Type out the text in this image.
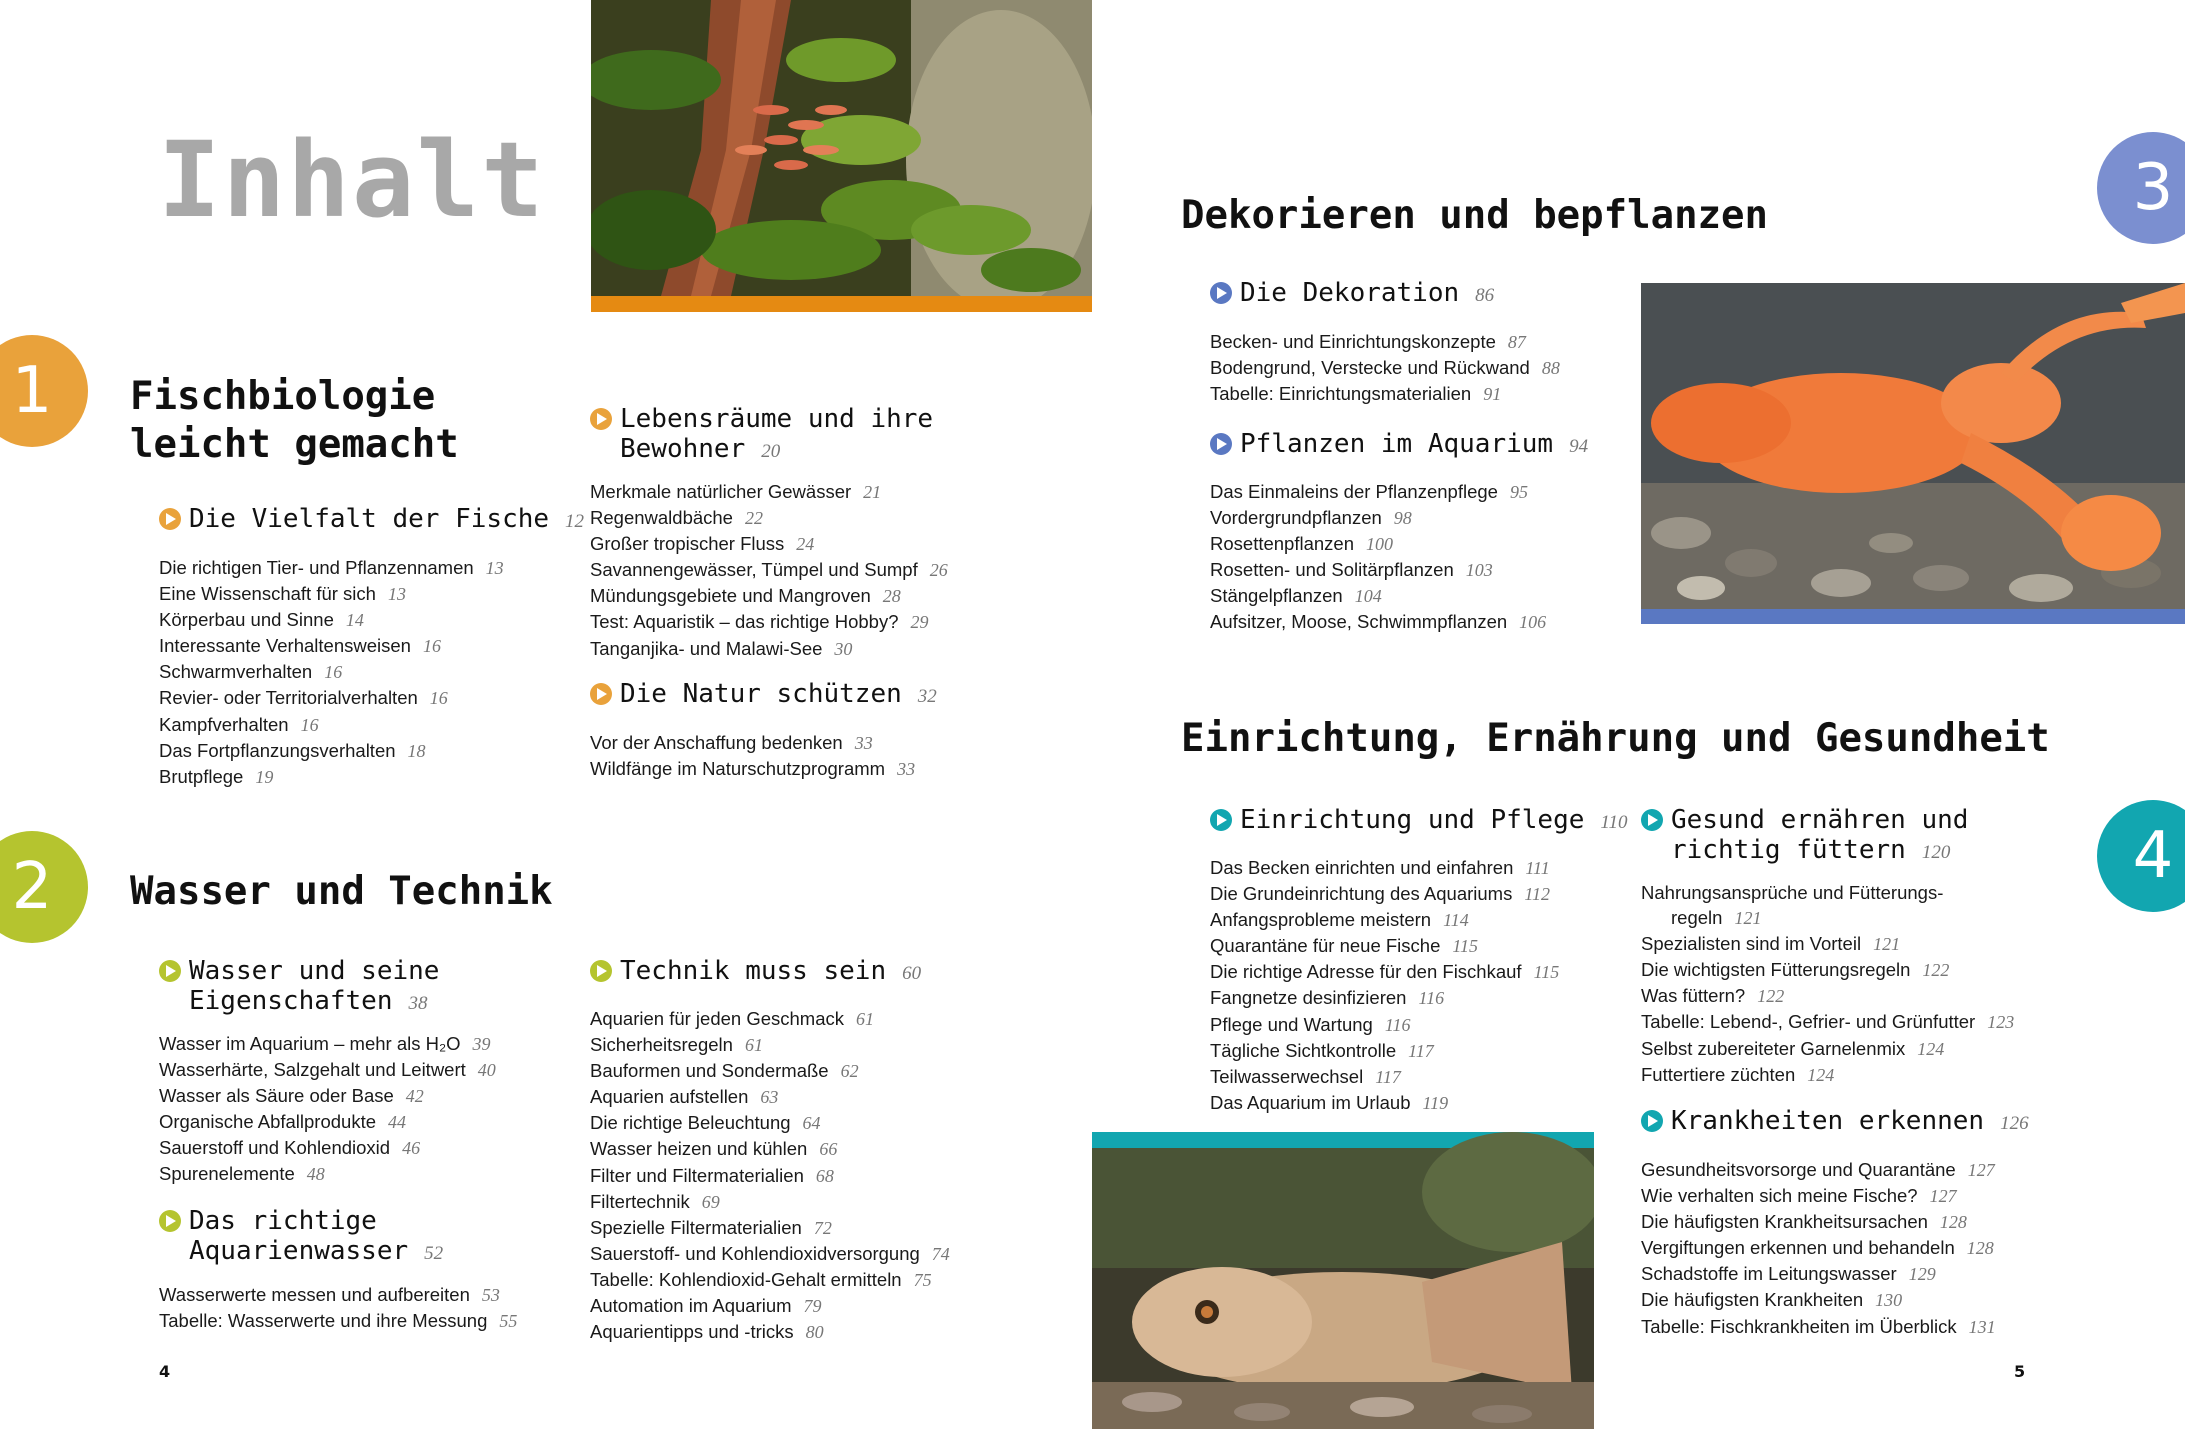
Inhalt
1
2
3
4
Fischbiologie
leicht gemacht
Wasser und Technik
Dekorieren und bepflanzen
Einrichtung, Ernährung und Gesundheit
Die Vielfalt der Fische 12
Die richtigen Tier- und Pflanzennamen 13
Eine Wissenschaft für sich 13
Körperbau und Sinne 14
Interessante Verhaltensweisen 16
Schwarmverhalten 16
Revier- oder Territorialverhalten 16
Kampfverhalten 16
Das Fortpflanzungsverhalten 18
Brutpflege 19
Lebensräume und ihre
Bewohner 20
Merkmale natürlicher Gewässer 21
Regenwaldbäche 22
Großer tropischer Fluss 24
Savannengewässer, Tümpel und Sumpf 26
Mündungsgebiete und Mangroven 28
Test: Aquaristik – das richtige Hobby? 29
Tanganjika- und Malawi-See 30
Die Natur schützen 32
Vor der Anschaffung bedenken 33
Wildfänge im Naturschutzprogramm 33
Wasser und seine
Eigenschaften 38
Wasser im Aquarium – mehr als H₂O 39
Wasserhärte, Salzgehalt und Leitwert 40
Wasser als Säure oder Base 42
Organische Abfallprodukte 44
Sauerstoff und Kohlendioxid 46
Spurenelemente 48
Das richtige
Aquarienwasser 52
Wasserwerte messen und aufbereiten 53
Tabelle: Wasserwerte und ihre Messung 55
Technik muss sein 60
Aquarien für jeden Geschmack 61
Sicherheitsregeln 61
Bauformen und Sondermaße 62
Aquarien aufstellen 63
Die richtige Beleuchtung 64
Wasser heizen und kühlen 66
Filter und Filtermaterialien 68
Filtertechnik 69
Spezielle Filtermaterialien 72
Sauerstoff- und Kohlendioxidversorgung 74
Tabelle: Kohlendioxid-Gehalt ermitteln 75
Automation im Aquarium 79
Aquarientipps und -tricks 80
Die Dekoration 86
Becken- und Einrichtungskonzepte 87
Bodengrund, Verstecke und Rückwand 88
Tabelle: Einrichtungsmaterialien 91
Pflanzen im Aquarium 94
Das Einmaleins der Pflanzenpflege 95
Vordergrundpflanzen 98
Rosettenpflanzen 100
Rosetten- und Solitärpflanzen 103
Stängelpflanzen 104
Aufsitzer, Moose, Schwimmpflanzen 106
Einrichtung und Pflege 110
Das Becken einrichten und einfahren 111
Die Grundeinrichtung des Aquariums 112
Anfangsprobleme meistern 114
Quarantäne für neue Fische 115
Die richtige Adresse für den Fischkauf 115
Fangnetze desinfizieren 116
Pflege und Wartung 116
Tägliche Sichtkontrolle 117
Teilwasserwechsel 117
Das Aquarium im Urlaub 119
Gesund ernähren und
richtig füttern 120
Nahrungsansprüche und Fütterungs-
regeln 121
Spezialisten sind im Vorteil 121
Die wichtigsten Fütterungsregeln 122
Was füttern? 122
Tabelle: Lebend-, Gefrier- und Grünfutter 123
Selbst zubereiteter Garnelenmix 124
Futtertiere züchten 124
Krankheiten erkennen 126
Gesundheitsvorsorge und Quarantäne 127
Wie verhalten sich meine Fische? 127
Die häufigsten Krankheitsursachen 128
Vergiftungen erkennen und behandeln 128
Schadstoffe im Leitungswasser 129
Die häufigsten Krankheiten 130
Tabelle: Fischkrankheiten im Überblick 131
4	5
